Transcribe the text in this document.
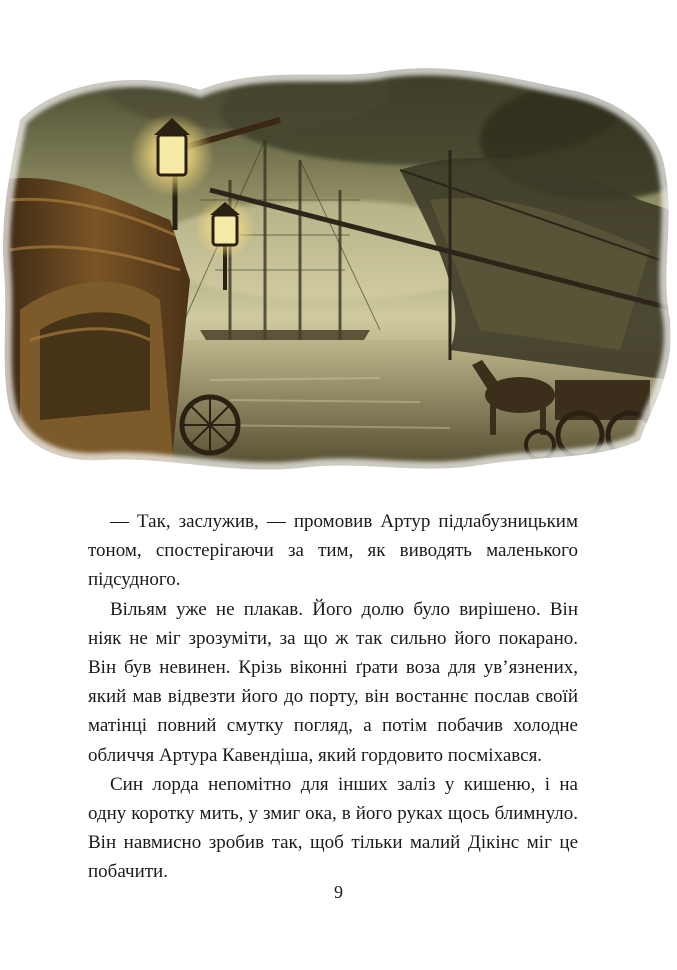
— Так, заслужив, — промовив Артур підлабузницьким тоном, спостерігаючи за тим, як виводять маленького підсудного.

Вільям уже не плакав. Його долю було вирішено. Він ніяк не міг зрозуміти, за що ж так сильно його покарано. Він був невинен. Крізь віконні ґрати воза для ув’язнених, який мав відвезти його до порту, він востаннє послав своїй матінці повний смутку погляд, а потім побачив холодне обличчя Артура Кавендіша, який гордовито посміхався.

Син лорда непомітно для інших заліз у кишеню, і на одну коротку мить, у змиг ока, в його руках щось блимнуло. Він навмисно зробив так, щоб тільки малий Дікінс міг це побачити.

9
